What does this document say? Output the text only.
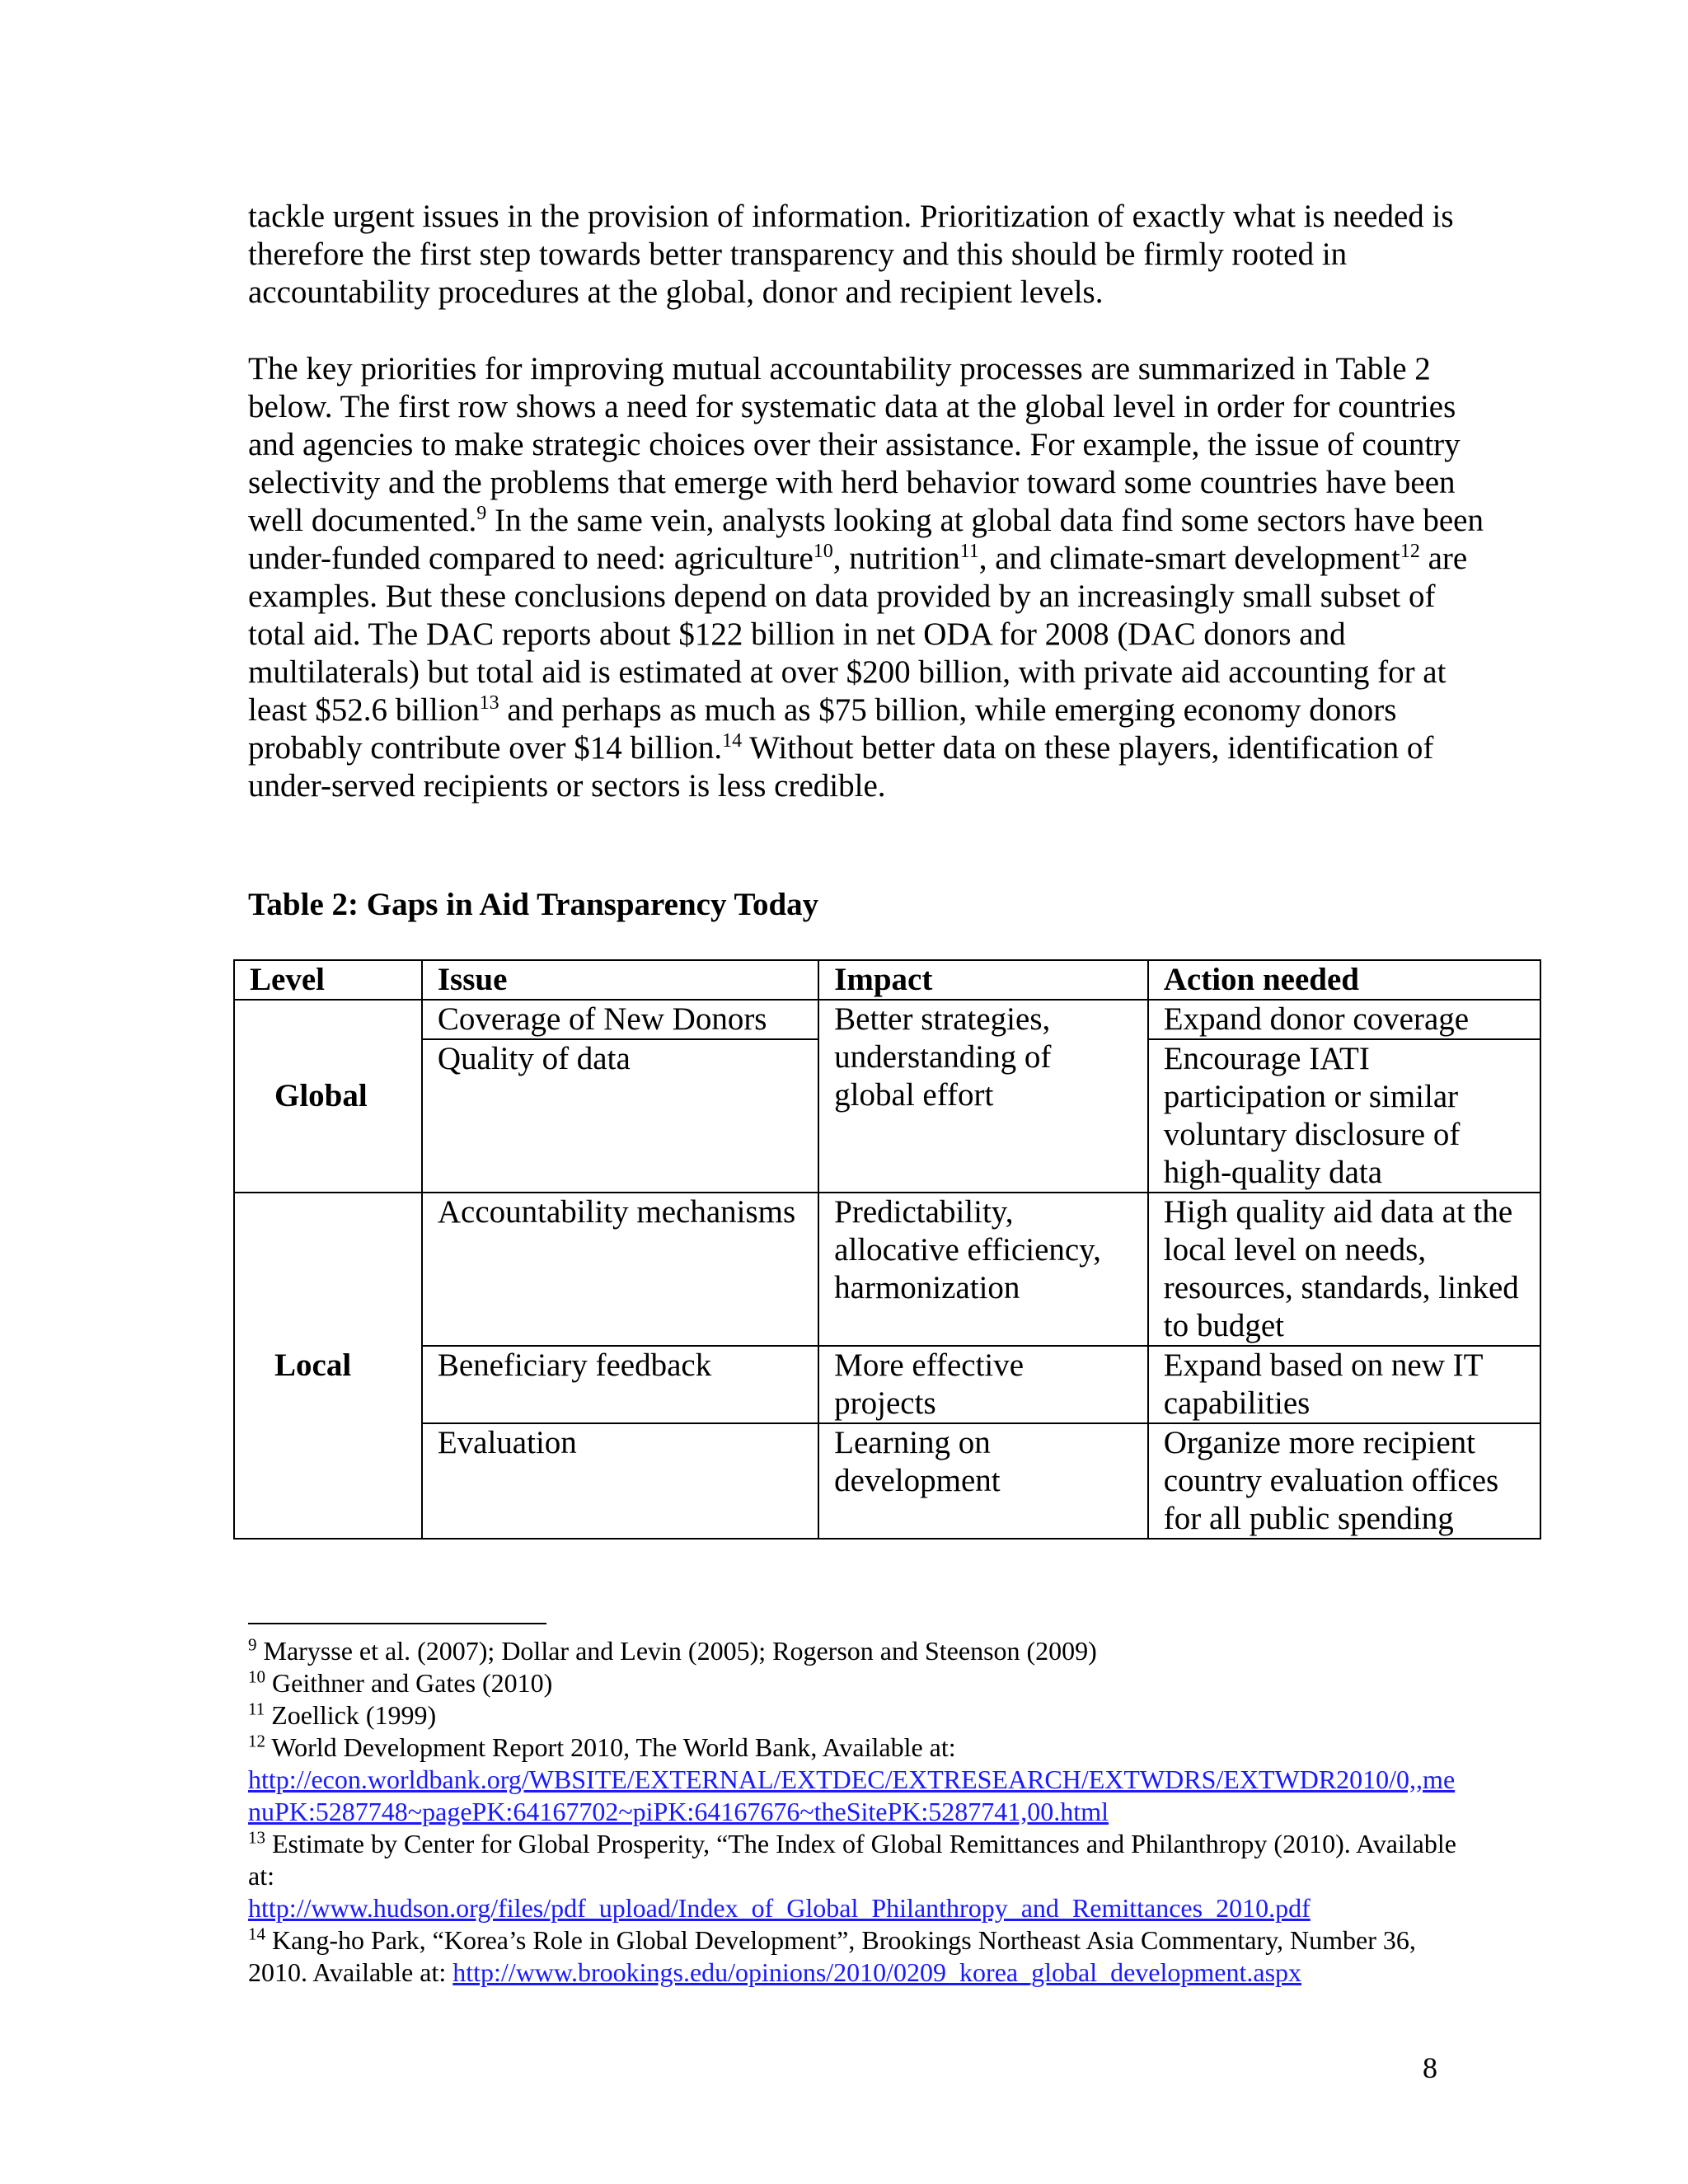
tackle urgent issues in the provision of information. Prioritization of exactly what is needed is therefore the first step towards better transparency and this should be firmly rooted in accountability procedures at the global, donor and recipient levels.

The key priorities for improving mutual accountability processes are summarized in Table 2 below. The first row shows a need for systematic data at the global level in order for countries and agencies to make strategic choices over their assistance. For example, the issue of country selectivity and the problems that emerge with herd behavior toward some countries have been well documented.$^9$ In the same vein, analysts looking at global data find some sectors have been under-funded compared to need: agriculture$^{10}$, nutrition$^{11}$, and climate-smart development$^{12}$ are examples. But these conclusions depend on data provided by an increasingly small subset of total aid. The DAC reports about $122 billion in net ODA for 2008 (DAC donors and multilaterals) but total aid is estimated at over $200 billion, with private aid accounting for at least $52.6 billion$^{13}$ and perhaps as much as $75 billion, while emerging economy donors probably contribute over $14 billion.$^{14}$ Without better data on these players, identification of under-served recipients or sectors is less credible.

Table 2: Gaps in Aid Transparency Today
Level	Issue	Impact	Action needed
Global	Coverage of New Donors	Better strategies, understanding of global effort	Expand donor coverage
	Quality of data		Encourage IATI participation or similar voluntary disclosure of high-quality data
Local	Accountability mechanisms	Predictability, allocative efficiency, harmonization	High quality aid data at the local level on needs, resources, standards, linked to budget
	Beneficiary feedback	More effective projects	Expand based on new IT capabilities
	Evaluation	Learning on development	Organize more recipient country evaluation offices for all public spending

$^9$ Marysse et al. (2007); Dollar and Levin (2005); Rogerson and Steenson (2009)

$^{10}$ Geithner and Gates (2010)

$^{11}$ Zoellick (1999)

$^{12}$ World Development Report 2010, The World Bank, Available at:
http://econ.worldbank.org/WBSITE/EXTERNAL/EXTDEC/EXTRESEARCH/EXTWDRS/EXTWDR2010/0,,menuPK:5287748~pagePK:64167702~piPK:64167676~theSitePK:5287741,00.html

$^{13}$ Estimate by Center for Global Prosperity, “The Index of Global Remittances and Philanthropy (2010). Available at:
http://www.hudson.org/files/pdf_upload/Index_of_Global_Philanthropy_and_Remittances_2010.pdf

$^{14}$ Kang-ho Park, “Korea’s Role in Global Development”, Brookings Northeast Asia Commentary, Number 36, 2010. Available at: http://www.brookings.edu/opinions/2010/0209_korea_global_development.aspx

8
